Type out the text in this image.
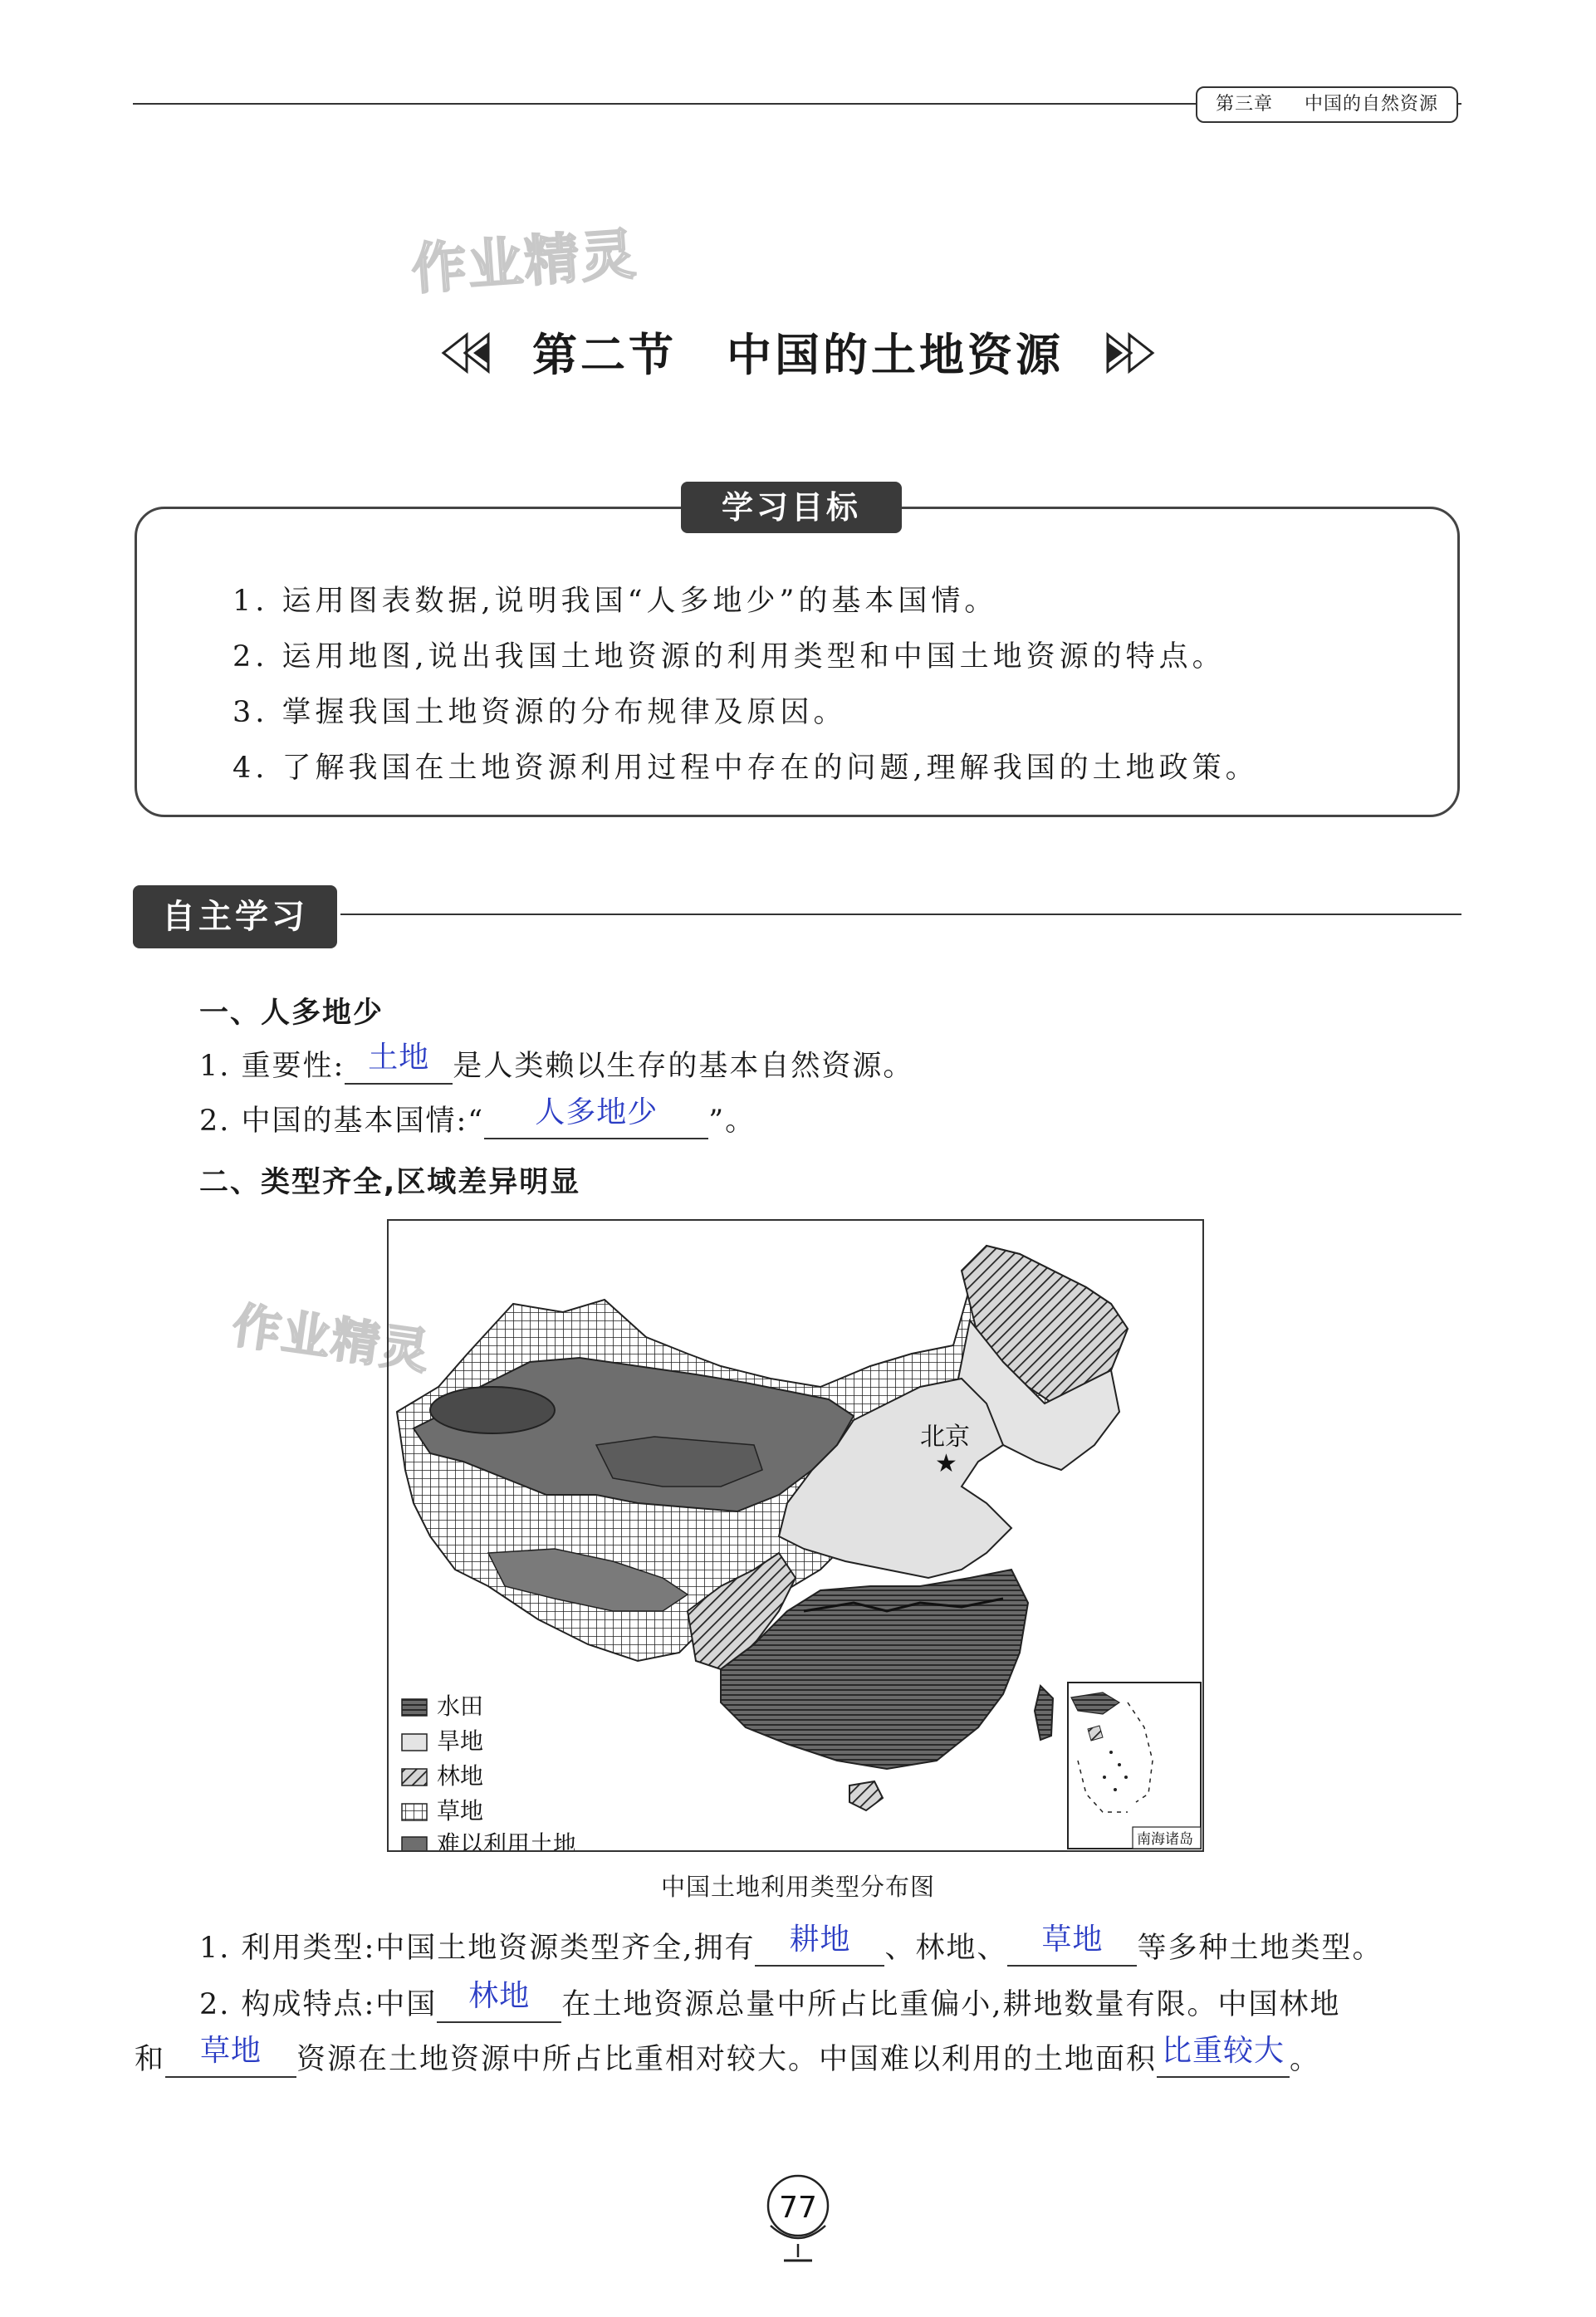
第三章 中国的自然资源
作业精灵
作业精灵
第二节 中国的土地资源
学习目标
1. 运用图表数据,说明我国“人多地少”的基本国情。
2. 运用地图,说出我国土地资源的利用类型和中国土地资源的特点。
3. 掌握我国土地资源的分布规律及原因。
4. 了解我国在土地资源利用过程中存在的问题,理解我国的土地政策。
自主学习
一、人多地少
1. 重要性: 土地 是人类赖以生存的基本自然资源。
2. 中国的基本国情:“	人多地少	”。
二、类型齐全,区域差异明显
★
北京
水田
旱地
林地
草地
难以利用土地	南海诸岛
中国土地利用类型分布图
1. 利用类型:中国土地资源类型齐全,拥有	耕地	、林地、	草地	等多种土地类型。
2. 构成特点:中国	林地	在土地资源总量中所占比重偏小,耕地数量有限。中国林地
和	草地	资源在土地资源中所占比重相对较大。中国难以利用的土地面积 比重较大 。
77
